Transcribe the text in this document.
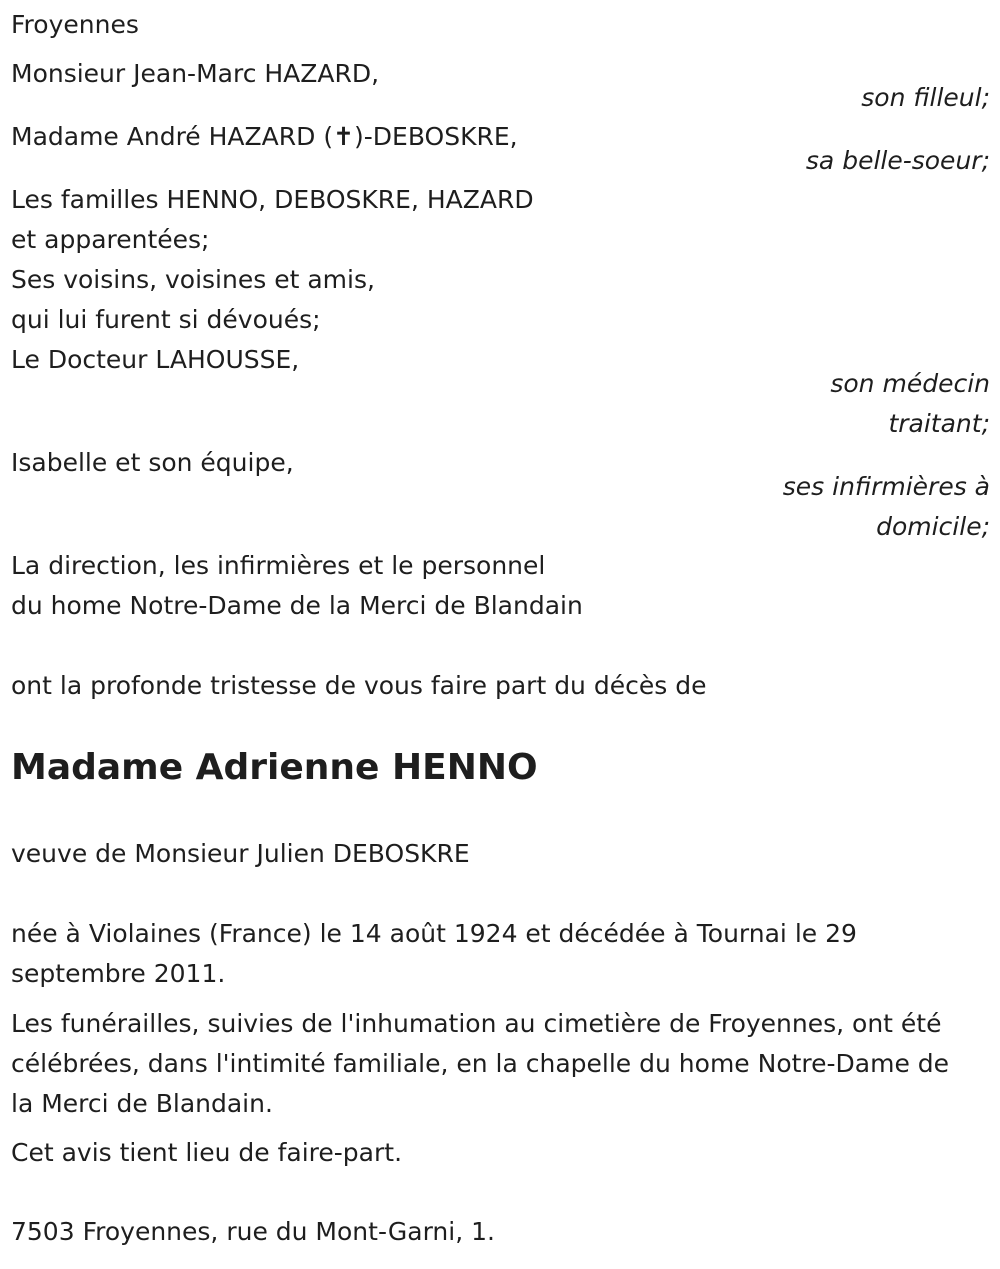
Froyennes
Monsieur Jean-Marc HAZARD,
son filleul;
Madame André HAZARD (✝)-DEBOSKRE,
sa belle-soeur;
Les familles HENNO, DEBOSKRE, HAZARD
et apparentées;
Ses voisins, voisines et amis,
qui lui furent si dévoués;
Le Docteur LAHOUSSE,
son médecin
traitant;
Isabelle et son équipe,
ses infirmières à
domicile;
La direction, les infirmières et le personnel
du home Notre-Dame de la Merci de Blandain
ont la profonde tristesse de vous faire part du décès de
Madame Adrienne HENNO
veuve de Monsieur Julien DEBOSKRE
née à Violaines (France) le 14 août 1924 et décédée à Tournai le 29 septembre 2011.
Les funérailles, suivies de l'inhumation au cimetière de Froyennes, ont été célébrées, dans l'intimité familiale, en la chapelle du home Notre-Dame de la Merci de Blandain.
Cet avis tient lieu de faire-part.
7503 Froyennes, rue du Mont-Garni, 1.
